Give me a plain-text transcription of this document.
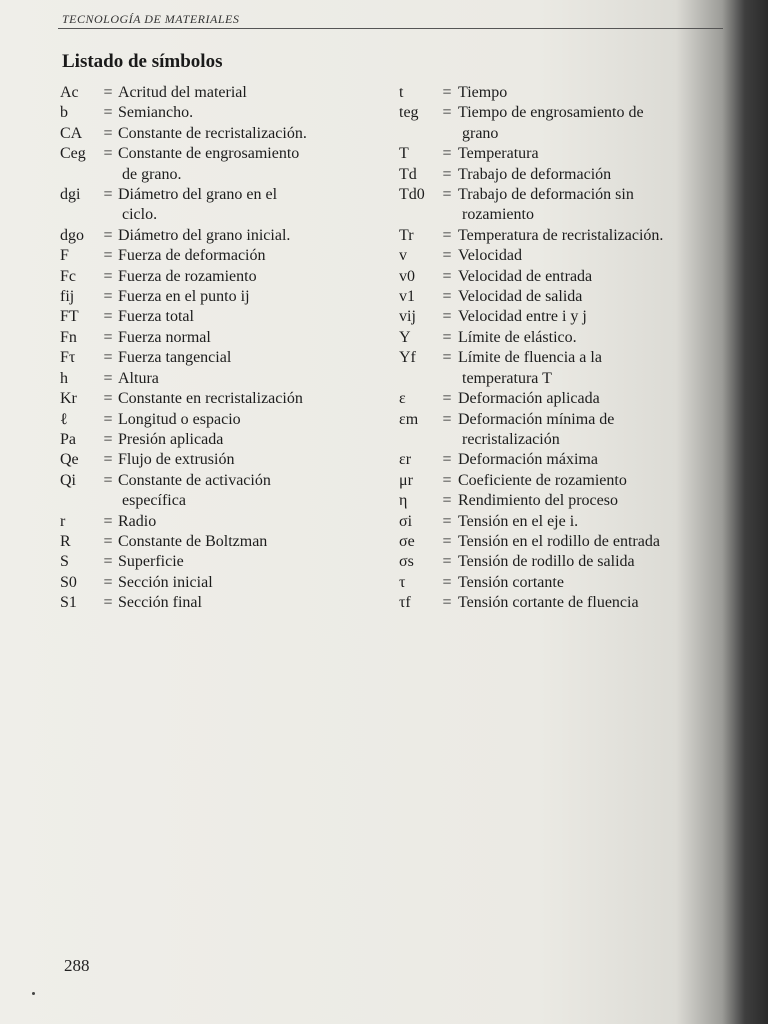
TECNOLOGÍA DE MATERIALES
Listado de símbolos
Ac	= Acritud del material
b	= Semiancho.
CA	= Constante de recristalización.
Ceg	= Constante de engrosamiento
de grano.
dgi	= Diámetro del grano en el
ciclo.
dgo	= Diámetro del grano inicial.
F	= Fuerza de deformación
Fc	= Fuerza de rozamiento
fij	= Fuerza en el punto ij
FT	= Fuerza total
Fn	= Fuerza normal
Fτ	= Fuerza tangencial
h	= Altura
Kr	= Constante en recristalización
ℓ	= Longitud o espacio
Pa	= Presión aplicada
Qe	= Flujo de extrusión
Qi	= Constante de activación
específica
r	= Radio
R	= Constante de Boltzman
S	= Superficie
S0	= Sección inicial
S1	= Sección final
t	= Tiempo
teg	= Tiempo de engrosamiento de
grano
T	= Temperatura
Td	= Trabajo de deformación
Td0	= Trabajo de deformación sin
rozamiento
Tr	= Temperatura de recristalización.
v	= Velocidad
v0	= Velocidad de entrada
v1	= Velocidad de salida
vij	= Velocidad entre i y j
Y	= Límite de elástico.
Yf	= Límite de fluencia a la
temperatura T
ε	= Deformación aplicada
εm	= Deformación mínima de
recristalización
εr	= Deformación máxima
μr	= Coeficiente de rozamiento
η	= Rendimiento del proceso
σi	= Tensión en el eje i.
σe	= Tensión en el rodillo de entrada
σs	= Tensión de rodillo de salida
τ	= Tensión cortante
τf	= Tensión cortante de fluencia
288
